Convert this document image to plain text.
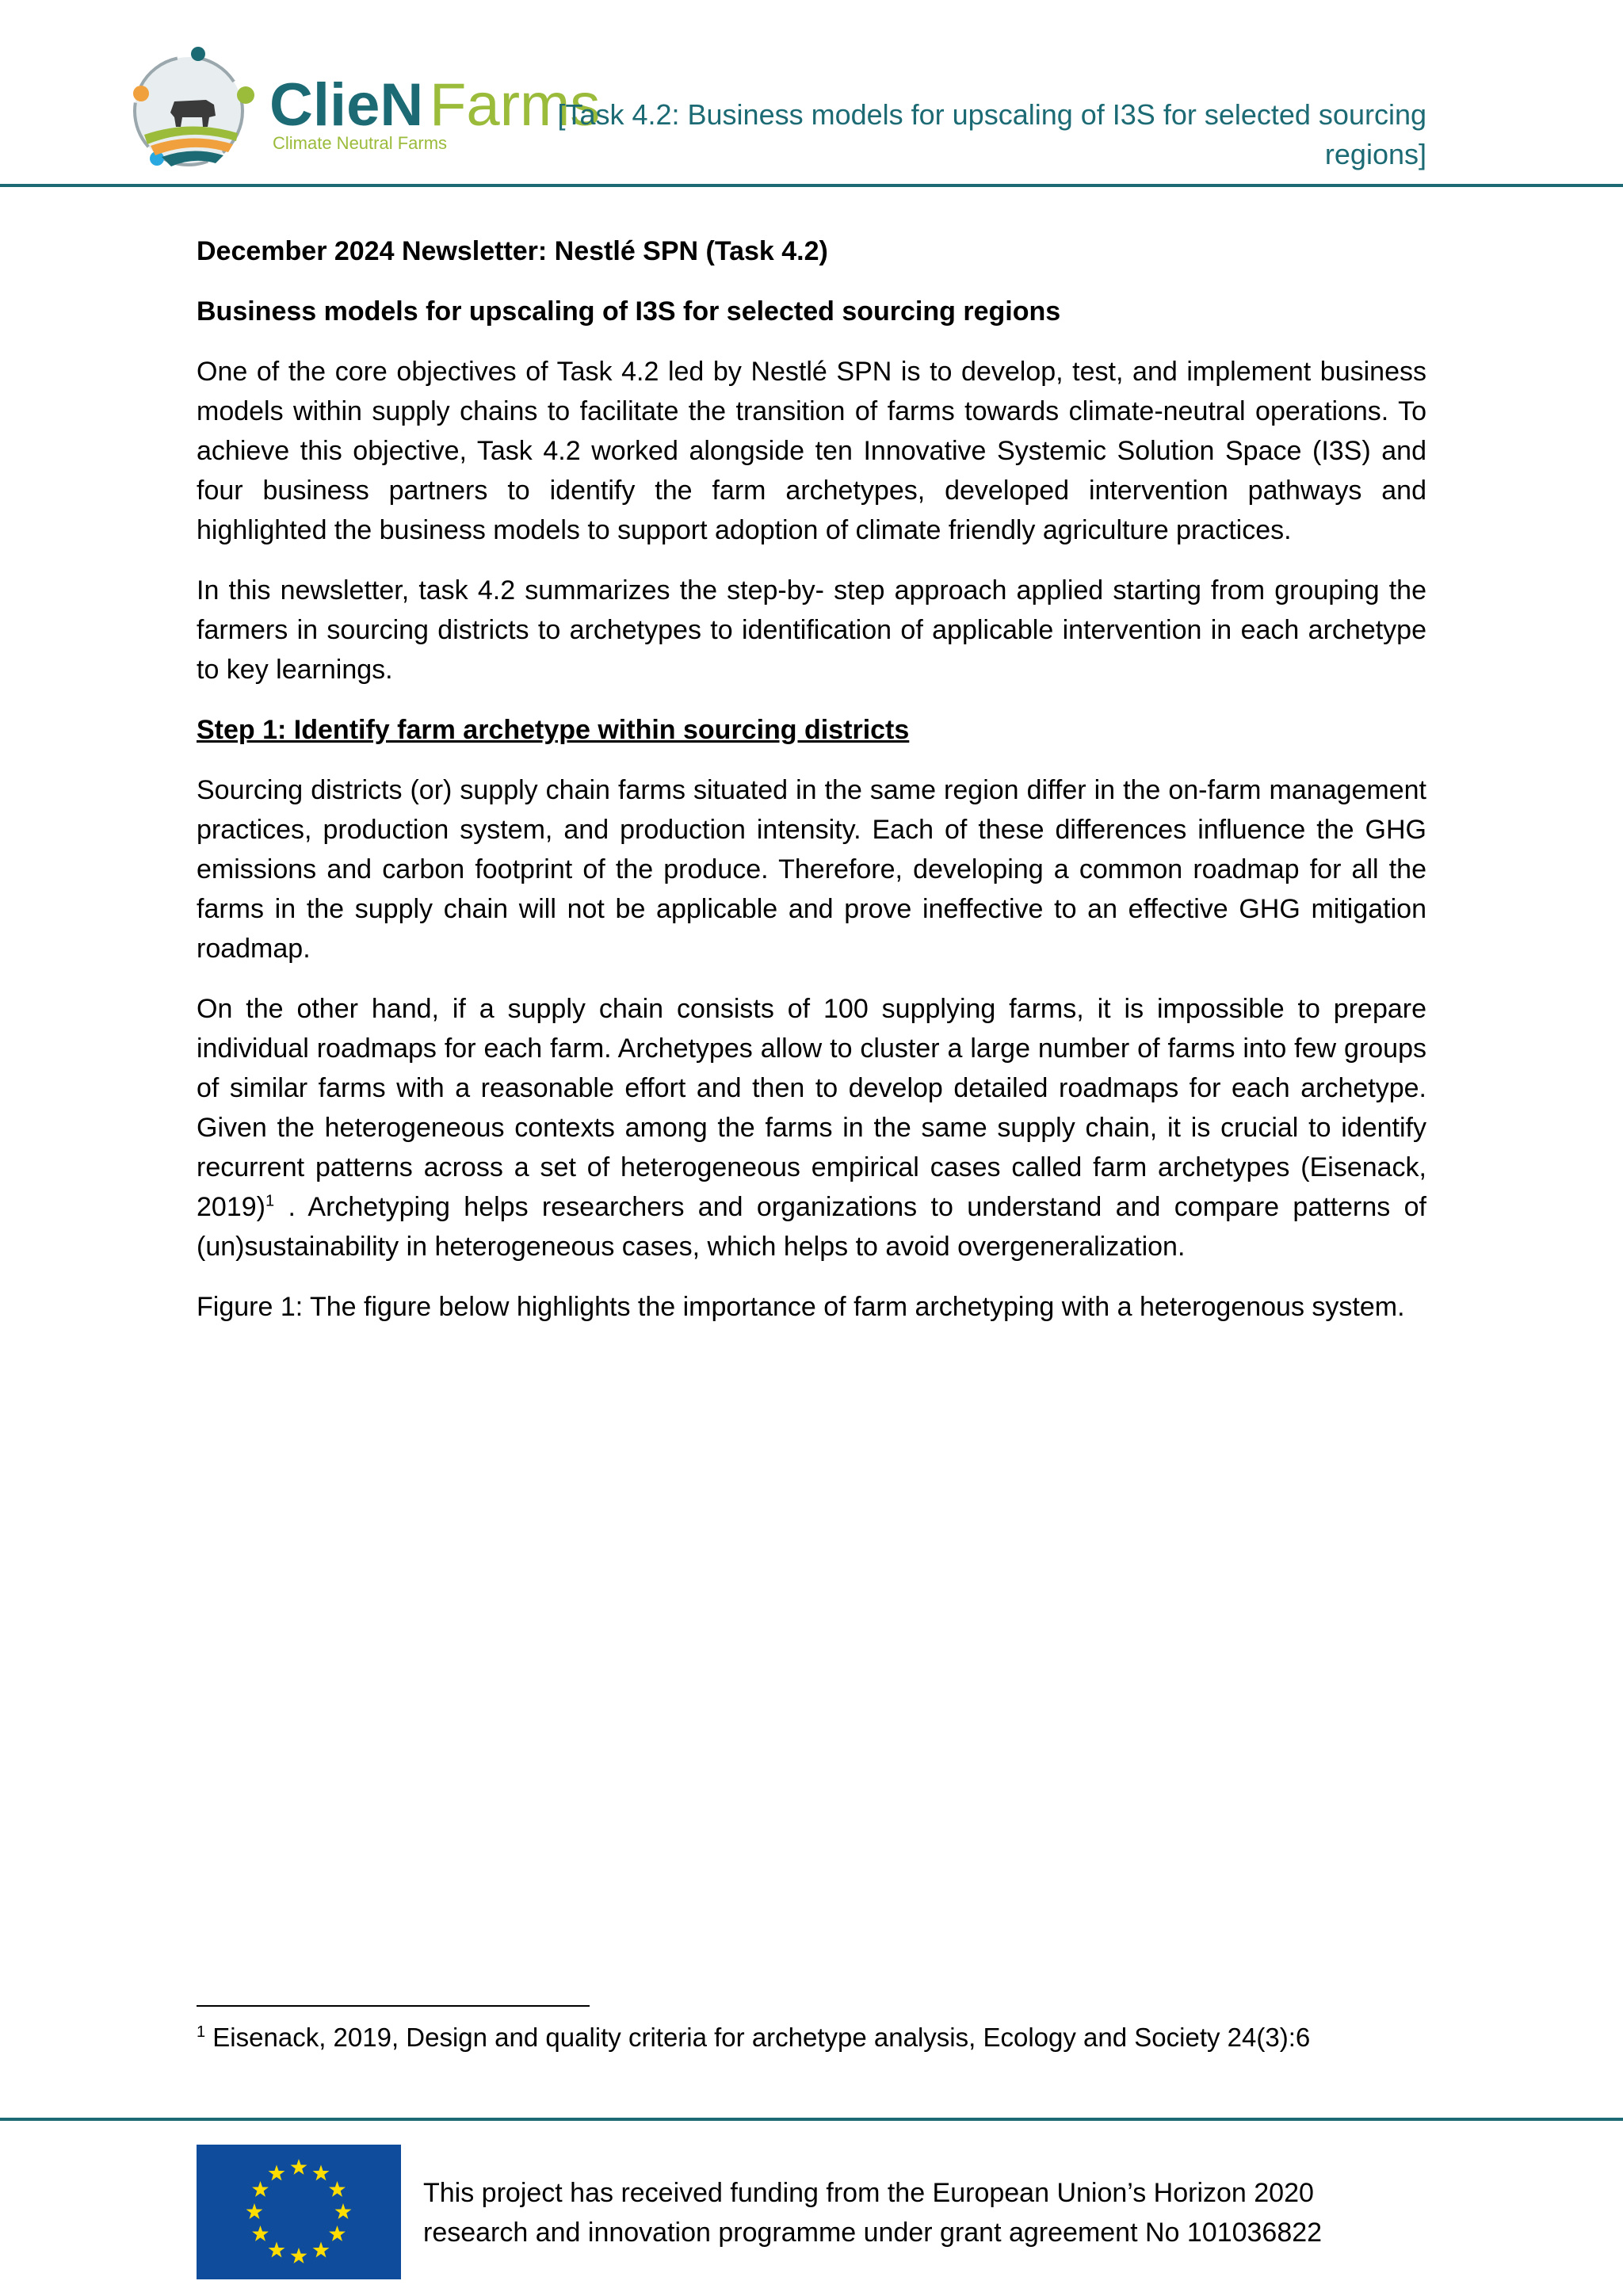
ClieN Farms
Climate Neutral Farms
[Task 4.2: Business models for upscaling of I3S for selected sourcing regions]
December 2024 Newsletter: Nestlé SPN (Task 4.2)
Business models for upscaling of I3S for selected sourcing regions

One of the core objectives of Task 4.2 led by Nestlé SPN is to develop, test, and implement business models within supply chains to facilitate the transition of farms towards climate-neutral operations. To achieve this objective, Task 4.2 worked alongside ten Innovative Systemic Solution Space (I3S) and four business partners to identify the farm archetypes, developed intervention pathways and highlighted the business models to support adoption of climate friendly agriculture practices.

In this newsletter, task 4.2 summarizes the step-by- step approach applied starting from grouping the farmers in sourcing districts to archetypes to identification of applicable intervention in each archetype to key learnings.

Step 1: Identify farm archetype within sourcing districts

Sourcing districts (or) supply chain farms situated in the same region differ in the on-farm management practices, production system, and production intensity. Each of these differences influence the GHG emissions and carbon footprint of the produce. Therefore, developing a common roadmap for all the farms in the supply chain will not be applicable and prove ineffective to an effective GHG mitigation roadmap.

On the other hand, if a supply chain consists of 100 supplying farms, it is impossible to prepare individual roadmaps for each farm. Archetypes allow to cluster a large number of farms into few groups of similar farms with a reasonable effort and then to develop detailed roadmaps for each archetype. Given the heterogeneous contexts among the farms in the same supply chain, it is crucial to identify recurrent patterns across a set of heterogeneous empirical cases called farm archetypes (Eisenack, 2019)$^1$ . Archetyping helps researchers and organizations to understand and compare patterns of (un)sustainability in heterogeneous cases, which helps to avoid overgeneralization.

Figure 1: The figure below highlights the importance of farm archetyping with a heterogenous system.

$^1$ Eisenack, 2019, Design and quality criteria for archetype analysis, Ecology and Society 24(3):6
This project has received funding from the European Union’s Horizon 2020
research and innovation programme under grant agreement No 101036822
